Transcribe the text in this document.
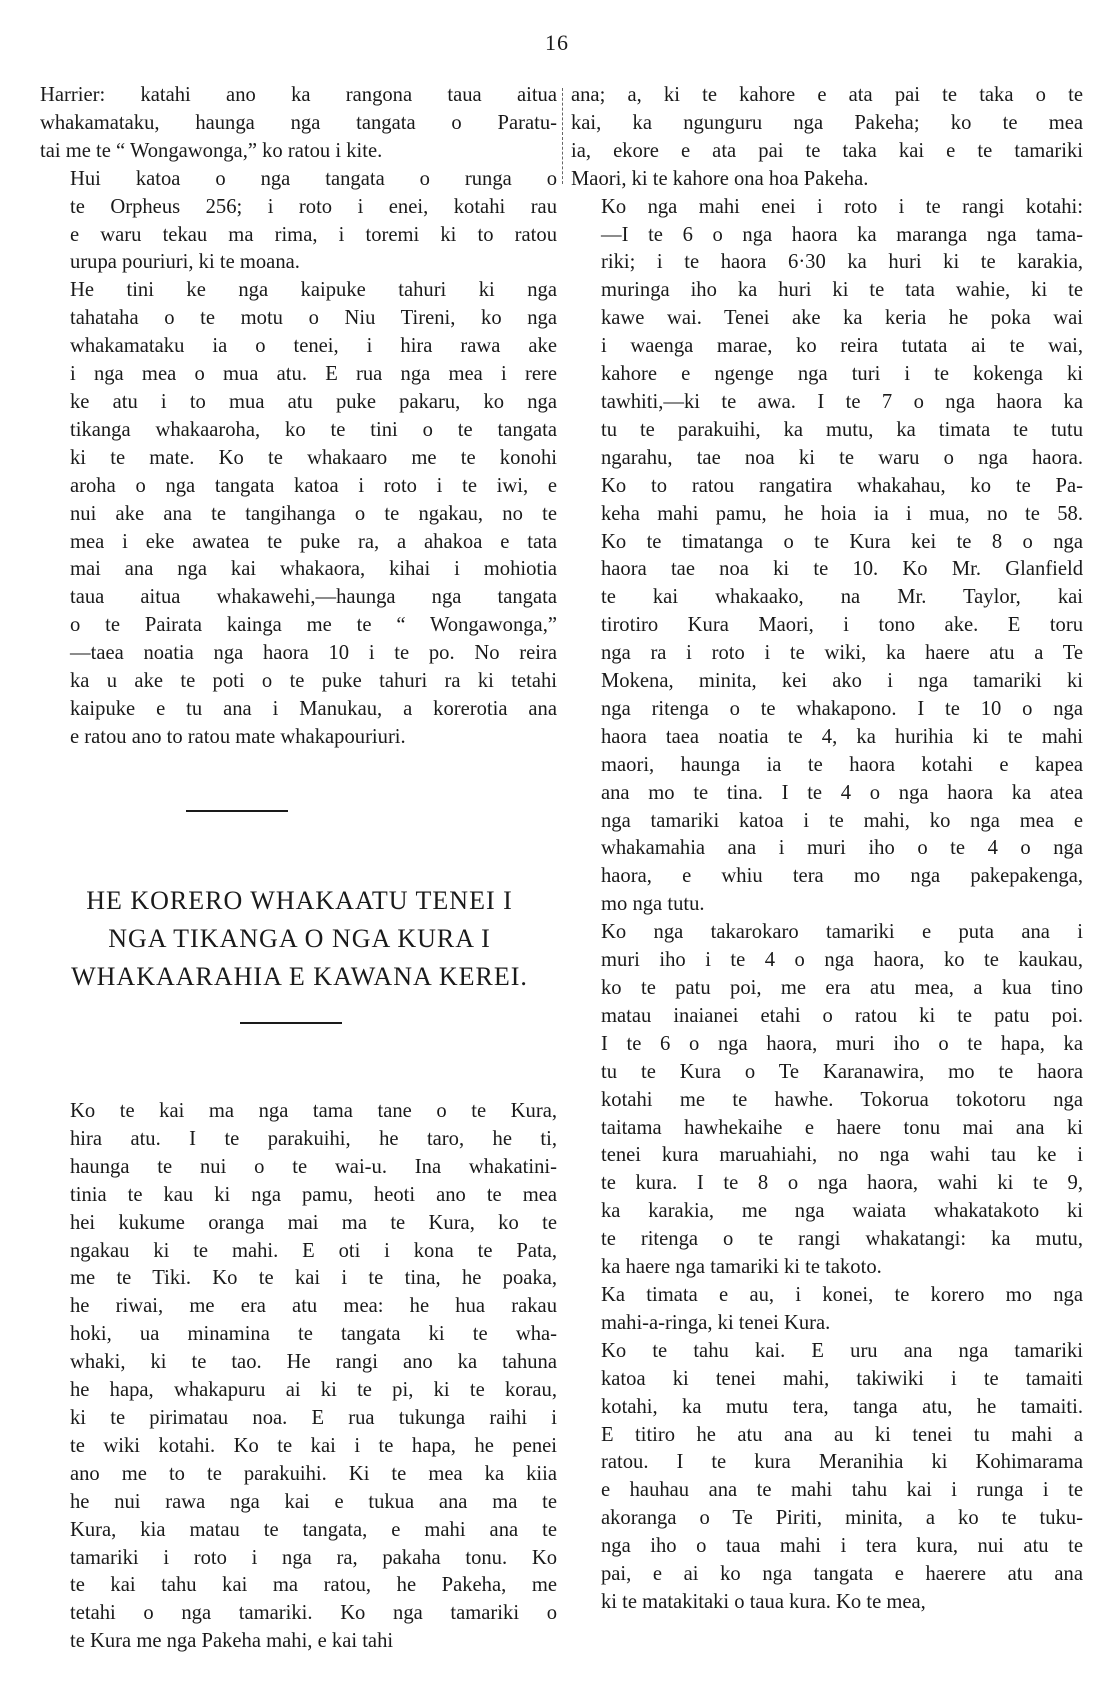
16

Harrier: katahi ano ka rangona taua aitua
whakamataku, haunga nga tangata o Paratu-
tai me te “ Wongawonga,” ko ratou i kite.

Hui katoa o nga tangata o runga o
te Orpheus 256; i roto i enei, kotahi rau
e waru tekau ma rima, i toremi ki to ratou
urupa pouriuri, ki te moana.

He tini ke nga kaipuke tahuri ki nga
tahataha o te motu o Niu Tireni, ko nga
whakamataku ia o tenei, i hira rawa ake
i nga mea o mua atu. E rua nga mea i rere
ke atu i to mua atu puke pakaru, ko nga
tikanga whakaaroha, ko te tini o te tangata
ki te mate. Ko te whakaaro me te konohi
aroha o nga tangata katoa i roto i te iwi, e
nui ake ana te tangihanga o te ngakau, no te
mea i eke awatea te puke ra, a ahakoa e tata
mai ana nga kai whakaora, kihai i mohiotia
taua aitua whakawehi,—haunga nga tangata
o te Pairata kainga me te “ Wongawonga,”
—taea noatia nga haora 10 i te po. No reira
ka u ake te poti o te puke tahuri ra ki tetahi
kaipuke e tu ana i Manukau, a korerotia ana
e ratou ano to ratou mate whakapouriuri.

HE KORERO WHAKAATU TENEI I
NGA TIKANGA O NGA KURA I
WHAKAARAHIA E KAWANA KEREI.

Ko te kai ma nga tama tane o te Kura,
hira atu. I te parakuihi, he taro, he ti,
haunga te nui o te wai-u. Ina whakatini-
tinia te kau ki nga pamu, heoti ano te mea
hei kukume oranga mai ma te Kura, ko te
ngakau ki te mahi. E oti i kona te Pata,
me te Tiki. Ko te kai i te tina, he poaka,
he riwai, me era atu mea: he hua rakau
hoki, ua minamina te tangata ki te wha-
whaki, ki te tao. He rangi ano ka tahuna
he hapa, whakapuru ai ki te pi, ki te korau,
ki te pirimatau noa. E rua tukunga raihi i
te wiki kotahi. Ko te kai i te hapa, he penei
ano me to te parakuihi. Ki te mea ka kiia
he nui rawa nga kai e tukua ana ma te
Kura, kia matau te tangata, e mahi ana te
tamariki i roto i nga ra, pakaha tonu. Ko
te kai tahu kai ma ratou, he Pakeha, me
tetahi o nga tamariki. Ko nga tamariki o
te Kura me nga Pakeha mahi, e kai tahi

ana; a, ki te kahore e ata pai te taka o te
kai, ka ngunguru nga Pakeha; ko te mea
ia, ekore e ata pai te taka kai e te tamariki
Maori, ki te kahore ona hoa Pakeha.

Ko nga mahi enei i roto i te rangi kotahi:
—I te 6 o nga haora ka maranga nga tama-
riki; i te haora 6·30 ka huri ki te karakia,
muringa iho ka huri ki te tata wahie, ki te
kawe wai. Tenei ake ka keria he poka wai
i waenga marae, ko reira tutata ai te wai,
kahore e ngenge nga turi i te kokenga ki
tawhiti,—ki te awa. I te 7 o nga haora ka
tu te parakuihi, ka mutu, ka timata te tutu
ngarahu, tae noa ki te waru o nga haora.
Ko to ratou rangatira whakahau, ko te Pa-
keha mahi pamu, he hoia ia i mua, no te 58.
Ko te timatanga o te Kura kei te 8 o nga
haora tae noa ki te 10. Ko Mr. Glanfield
te kai whakaako, na Mr. Taylor, kai
tirotiro Kura Maori, i tono ake. E toru
nga ra i roto i te wiki, ka haere atu a Te
Mokena, minita, kei ako i nga tamariki ki
nga ritenga o te whakapono. I te 10 o nga
haora taea noatia te 4, ka hurihia ki te mahi
maori, haunga ia te haora kotahi e kapea
ana mo te tina. I te 4 o nga haora ka atea
nga tamariki katoa i te mahi, ko nga mea e
whakamahia ana i muri iho o te 4 o nga
haora, e whiu tera mo nga pakepakenga,
mo nga tutu.

Ko nga takarokaro tamariki e puta ana i
muri iho i te 4 o nga haora, ko te kaukau,
ko te patu poi, me era atu mea, a kua tino
matau inaianei etahi o ratou ki te patu poi.
I te 6 o nga haora, muri iho o te hapa, ka
tu te Kura o Te Karanawira, mo te haora
kotahi me te hawhe. Tokorua tokotoru nga
taitama hawhekaihe e haere tonu mai ana ki
tenei kura maruahiahi, no nga wahi tau ke i
te kura. I te 8 o nga haora, wahi ki te 9,
ka karakia, me nga waiata whakatakoto ki
te ritenga o te rangi whakatangi: ka mutu,
ka haere nga tamariki ki te takoto.

Ka timata e au, i konei, te korero mo nga
mahi-a-ringa, ki tenei Kura.

Ko te tahu kai. E uru ana nga tamariki
katoa ki tenei mahi, takiwiki i te tamaiti
kotahi, ka mutu tera, tanga atu, he tamaiti.
E titiro he atu ana au ki tenei tu mahi a
ratou. I te kura Meranihia ki Kohimarama
e hauhau ana te mahi tahu kai i runga i te
akoranga o Te Piriti, minita, a ko te tuku-
nga iho o taua mahi i tera kura, nui atu te
pai, e ai ko nga tangata e haerere atu ana
ki te matakitaki o taua kura. Ko te mea,
